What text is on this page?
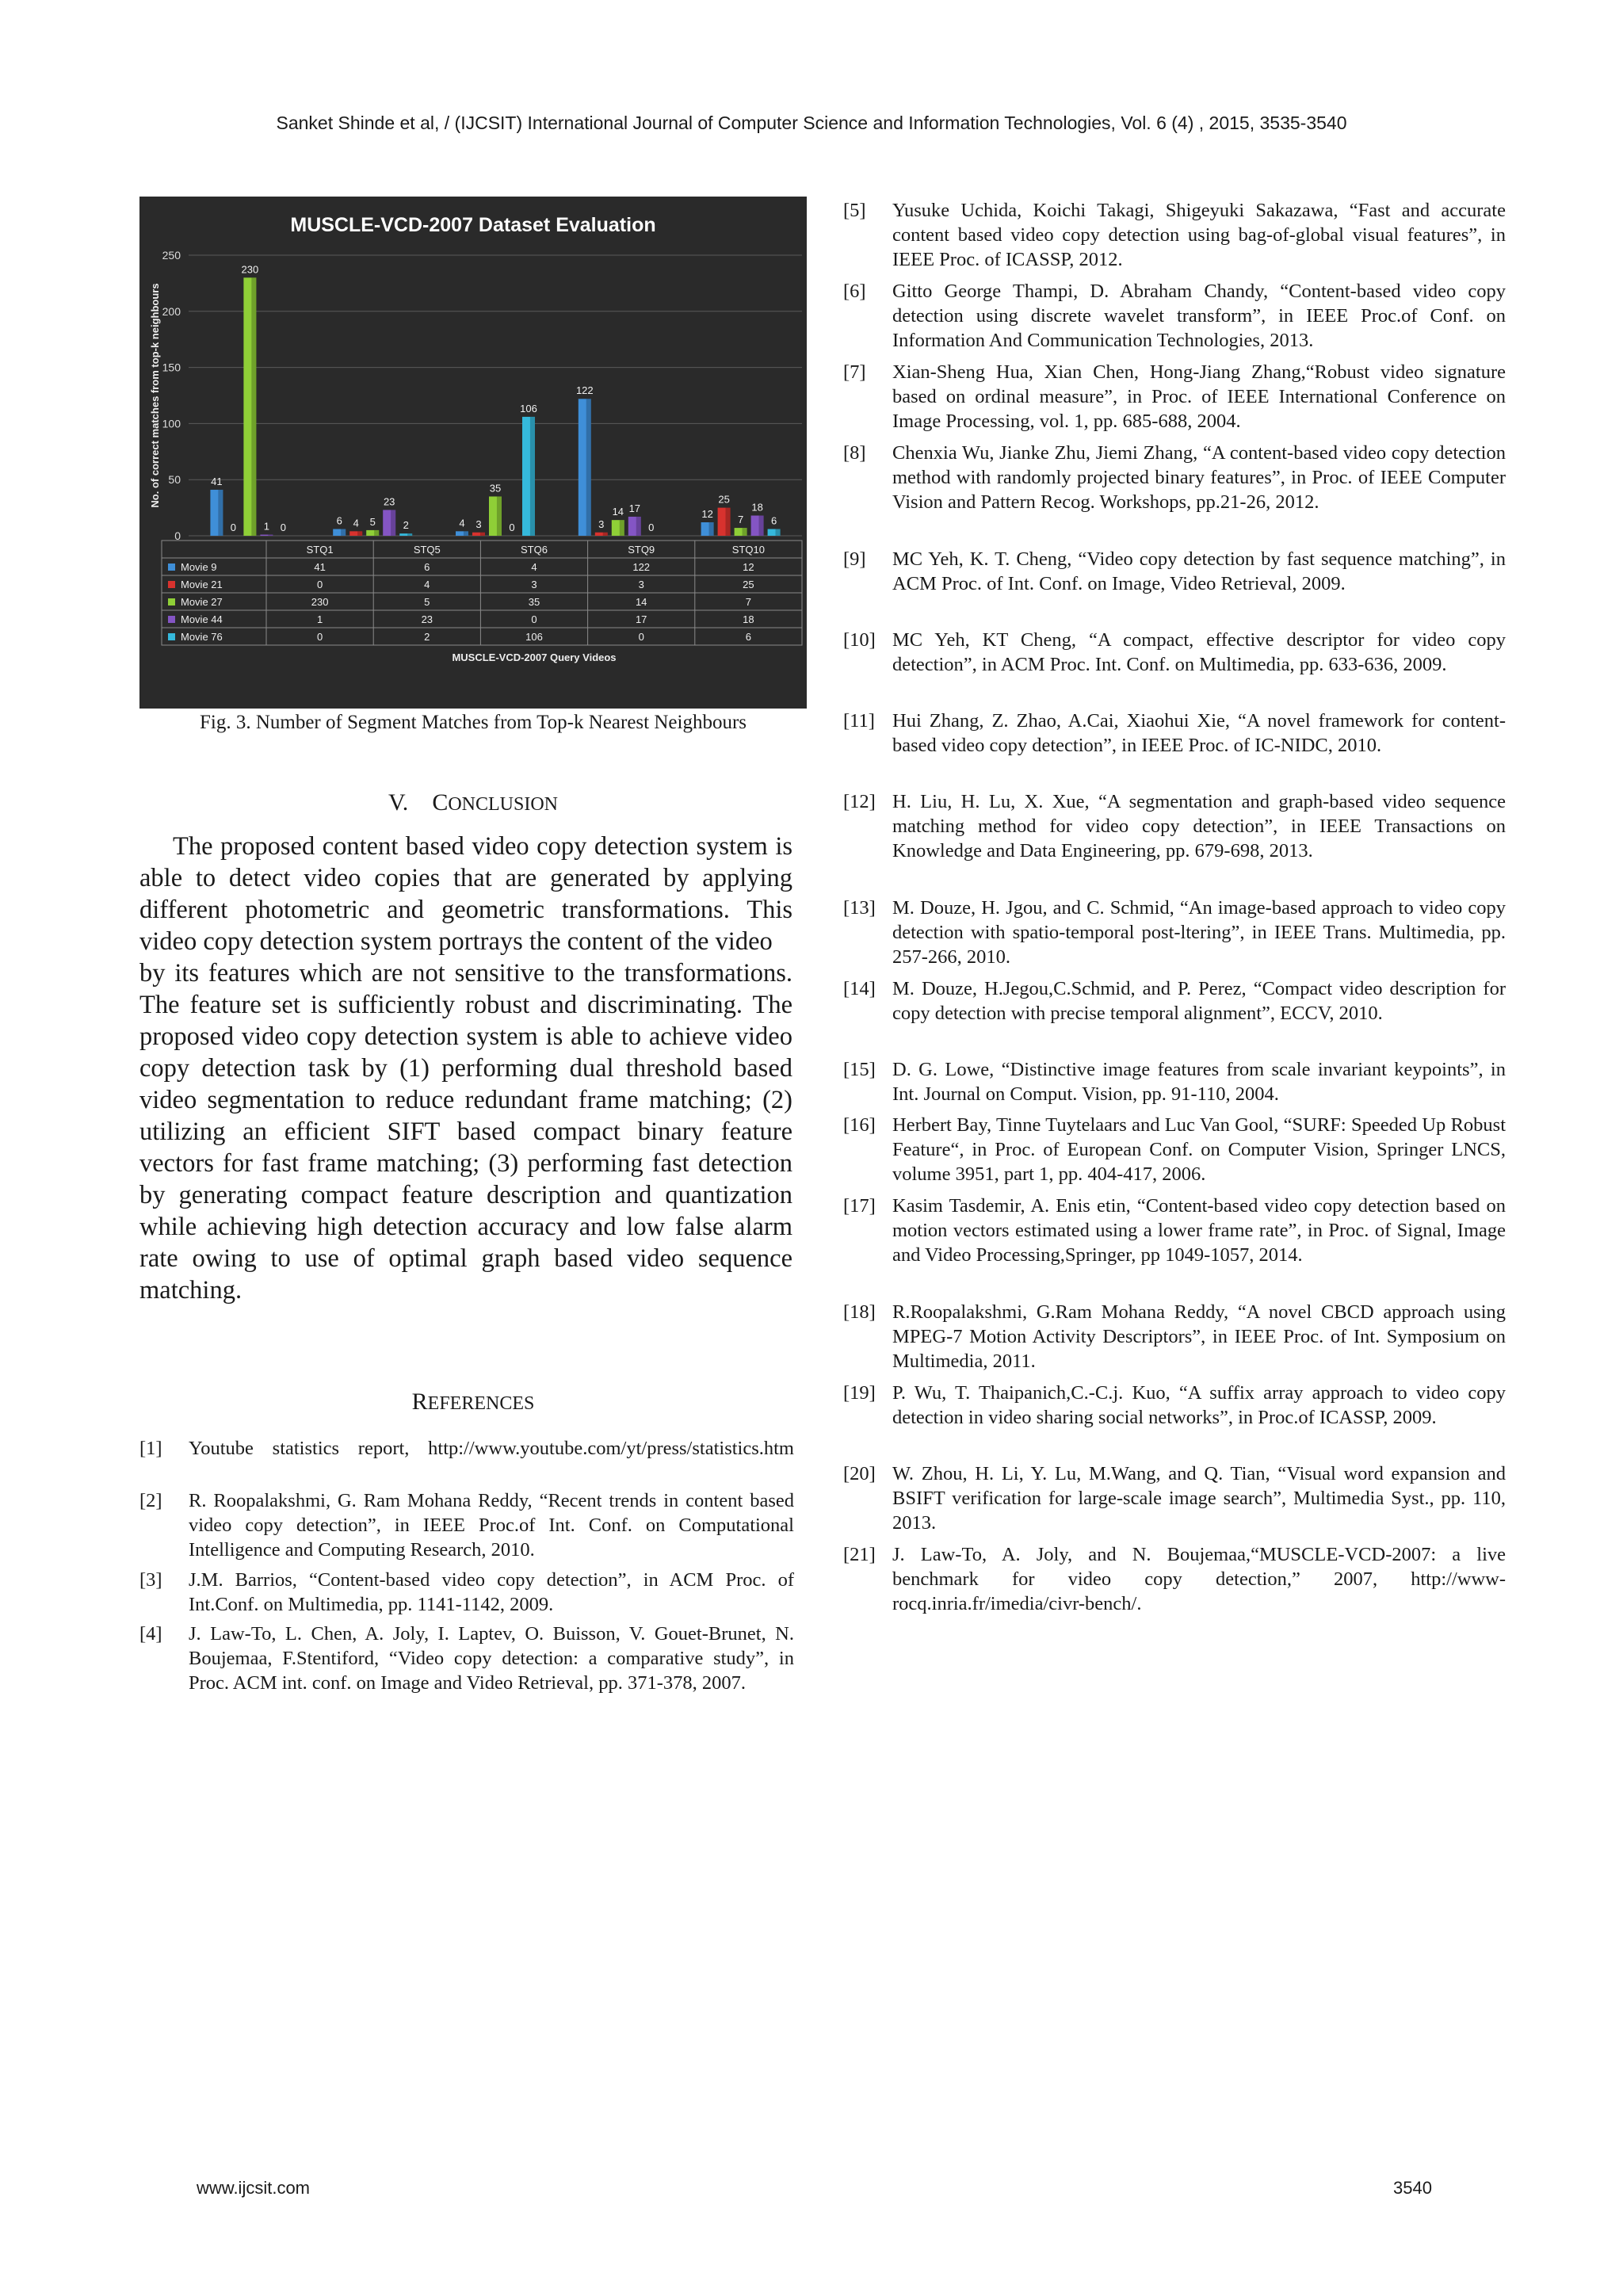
Sanket Shinde et al, / (IJCSIT) International Journal of Computer Science and Information Technologies, Vol. 6 (4) , 2015, 3535-3540
MUSCLE-VCD-2007 Dataset Evaluation
0
50
100
150
200
250
No. of correct matches from top-k neighbours	41
0
230
1 0
6 4 5
23
2	4 3
35
0
106
122
3
14 17
0
12
25
7
18
6
STQ1	STQ5	STQ6	STQ9	STQ10
Movie 9	41	6	4	122	12
Movie 21	0	4	3	3	25
Movie 27	230	5	35	14	7
Movie 44	1	23	0	17	18
Movie 76	0	2	106	0	6
MUSCLE-VCD-2007 Query Videos
Fig. 3. Number of Segment Matches from Top-k Nearest Neighbours
V. CONCLUSION

The proposed content based video copy detection system is able to detect video copies that are generated by applying different photometric and geometric transformations. This video copy detection system portrays the content of the video

by its features which are not sensitive to the transformations. The feature set is sufficiently robust and discriminating. The proposed video copy detection system is able to achieve video copy detection task by (1) performing dual threshold based video segmentation to reduce redundant frame matching; (2) utilizing an efficient SIFT based compact binary feature vectors for fast frame matching; (3) performing fast detection by generating compact feature description and quantization while achieving high detection accuracy and low false alarm rate owing to use of optimal graph based video sequence matching.

REFERENCES
[1] Youtube statistics report, http://www.youtube.com/yt/press/statistics.htm
[2] R. Roopalakshmi, G. Ram Mohana Reddy, “Recent trends in content based video copy detection”, in IEEE Proc.of Int. Conf. on Computational Intelligence and Computing Research, 2010.
[3] J.M. Barrios, “Content-based video copy detection”, in ACM Proc. of Int.Conf. on Multimedia, pp. 1141-1142, 2009.
[4] J. Law-To, L. Chen, A. Joly, I. Laptev, O. Buisson, V. Gouet-Brunet, N. Boujemaa, F.Stentiford, “Video copy detection: a comparative study”, in Proc. ACM int. conf. on Image and Video Retrieval, pp. 371-378, 2007.
[5] Yusuke Uchida, Koichi Takagi, Shigeyuki Sakazawa, “Fast and accurate content based video copy detection using bag-of-global visual features”, in IEEE Proc. of ICASSP, 2012.
[6] Gitto George Thampi, D. Abraham Chandy, “Content-based video copy detection using discrete wavelet transform”, in IEEE Proc.of Conf. on Information And Communication Technologies, 2013.
[7] Xian-Sheng Hua, Xian Chen, Hong-Jiang Zhang,“Robust video signature based on ordinal measure”, in Proc. of IEEE International Conference on Image Processing, vol. 1, pp. 685-688, 2004.
[8] Chenxia Wu, Jianke Zhu, Jiemi Zhang, “A content-based video copy detection method with randomly projected binary features”, in Proc. of IEEE Computer Vision and Pattern Recog. Workshops, pp.21-26, 2012.
[9] MC Yeh, K. T. Cheng, “Video copy detection by fast sequence matching”, in ACM Proc. of Int. Conf. on Image, Video Retrieval, 2009.
[10] MC Yeh, KT Cheng, “A compact, effective descriptor for video copy detection”, in ACM Proc. Int. Conf. on Multimedia, pp. 633-636, 2009.
[11] Hui Zhang, Z. Zhao, A.Cai, Xiaohui Xie, “A novel framework for content-based video copy detection”, in IEEE Proc. of IC-NIDC, 2010.
[12] H. Liu, H. Lu, X. Xue, “A segmentation and graph-based video sequence matching method for video copy detection”, in IEEE Transactions on Knowledge and Data Engineering, pp. 679-698, 2013.
[13] M. Douze, H. Jgou, and C. Schmid, “An image-based approach to video copy detection with spatio-temporal post-ltering”, in IEEE Trans. Multimedia, pp. 257-266, 2010.
[14] M. Douze, H.Jegou,C.Schmid, and P. Perez, “Compact video description for copy detection with precise temporal alignment”, ECCV, 2010.
[15] D. G. Lowe, “Distinctive image features from scale invariant keypoints”, in Int. Journal on Comput. Vision, pp. 91-110, 2004.
[16] Herbert Bay, Tinne Tuytelaars and Luc Van Gool, “SURF: Speeded Up Robust Feature“, in Proc. of European Conf. on Computer Vision, Springer LNCS, volume 3951, part 1, pp. 404-417, 2006.
[17] Kasim Tasdemir, A. Enis etin, “Content-based video copy detection based on motion vectors estimated using a lower frame rate”, in Proc. of Signal, Image and Video Processing,Springer, pp 1049-1057, 2014.
[18] R.Roopalakshmi, G.Ram Mohana Reddy, “A novel CBCD approach using MPEG-7 Motion Activity Descriptors”, in IEEE Proc. of Int. Symposium on Multimedia, 2011.
[19] P. Wu, T. Thaipanich,C.-C.j. Kuo, “A suffix array approach to video copy detection in video sharing social networks”, in Proc.of ICASSP, 2009.
[20] W. Zhou, H. Li, Y. Lu, M.Wang, and Q. Tian, “Visual word expansion and BSIFT verification for large-scale image search”, Multimedia Syst., pp. 110, 2013.
[21] J. Law-To, A. Joly, and N. Boujemaa,“MUSCLE-VCD-2007: a live benchmark for video copy detection,” 2007, http://www-rocq.inria.fr/imedia/civr-bench/.
www.ijcsit.com	3540
